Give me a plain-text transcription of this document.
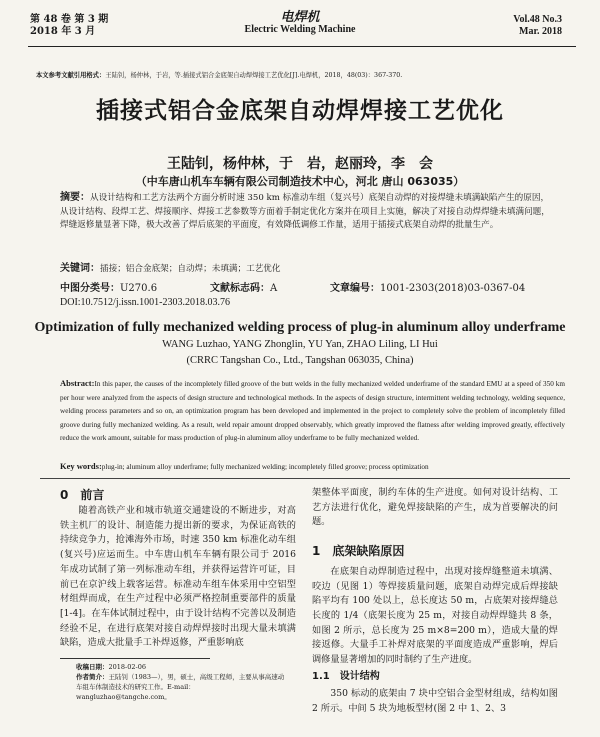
第 48 卷 第 3 期
2018 年 3 月
电焊机
Electric Welding Machine
Vol.48 No.3
Mar. 2018
本文参考文献引用格式：王陆钊，杨仲林，于岩，等.插接式铝合金底架自动焊焊接工艺优化[J].电焊机，2018，48(03)：367-370.
插接式铝合金底架自动焊焊接工艺优化
王陆钊，杨仲林，于　岩，赵丽玲，李　会
（中车唐山机车车辆有限公司制造技术中心，河北 唐山 063035）
摘要：从设计结构和工艺方法两个方面分析时速 350 km 标准动车组（复兴号）底架自动焊的对接焊缝未填满缺陷产生的原因，从设计结构、段焊工艺、焊接顺序、焊接工艺参数等方面着手制定优化方案并在项目上实施，解决了对接自动焊焊缝未填满问题，焊缝返修量显著下降，极大改善了焊后底架的平面度，有效降低调修工作量，适用于插接式底架自动焊的批量生产。
关键词：插接；铝合金底架；自动焊；未填满；工艺优化
中图分类号：U270.6	文献标志码：A	文章编号：1001-2303(2018)03-0367-04
DOI:10.7512/j.issn.1001-2303.2018.03.76
Optimization of fully mechanized welding process of plug-in aluminum alloy underframe
WANG Luzhao, YANG Zhonglin, YU Yan, ZHAO Liling, LI Hui
(CRRC Tangshan Co., Ltd., Tangshan 063035, China)
Abstract:In this paper, the causes of the incompletely filled groove of the butt welds in the fully mechanized welded underframe of the standard EMU at a speed of 350 km per hour were analyzed from the aspects of design structure and technological methods. In the aspects of design structure, intermittent welding technology, welding sequence, welding process parameters and so on, an optimization program has been developed and implemented in the project to completely solve the problem of incompletely filled groove during fully mechanized welding. As a result, weld repair amount dropped observably, which greatly improved the flatness after welding improved greatly, effectively reduce the work amount, suitable for mass production of plug-in aluminum alloy underframe to be fully mechanized welded.
Key words:plug-in; aluminum alloy underframe; fully mechanized welding; incompletely filled groove; process optimization
0　前言

随着高铁产业和城市轨道交通建设的不断进步，对高铁主机厂的设计、制造能力提出新的要求，为保证高铁的持续竞争力，抢滩海外市场，时速 350 km 标准化动车组(复兴号)应运而生。中车唐山机车车辆有限公司于 2016 年成功试制了第一列标准动车组，并获得运营许可证，目前已在京沪线上载客运营。标准动车组车体采用中空铝型材组焊而成，在生产过程中必须严格控制重要部件的质量[1-4]。在车体试制过程中，由于设计结构不完善以及制造经验不足，在进行底架对接自动焊焊接时出现大量未填满缺陷，造成大批量手工补焊返修，严重影响底

收稿日期：2018-02-06
作者简介：王陆钊（1983—），男，硕士，高级工程师，主要从事高速动车组车体制造技术的研究工作。E-mail：wangluzhao@tangche.com。
架整体平面度，制约车体的生产进度。如何对设计结构、工艺方法进行优化，避免焊接缺陷的产生，成为首要解决的问题。
1　底架缺陷原因

在底架自动焊制造过程中，出现对接焊缝整道未填满、咬边（见图 1）等焊接质量问题，底架自动焊完成后焊接缺陷平均有 100 处以上，总长度达 50 m，占底架对接焊缝总长度的 1/4（底架长度为 25 m，对接自动焊焊缝共 8 条，如图 2 所示，总长度为 25 m×8=200 m），造成大量的焊接返修。大量手工补焊对底架的平面度造成严重影响，焊后调修量显著增加的同时制约了生产进度。

1.1　设计结构

350 标动的底架由 7 块中空铝合金型材组成，结构如图 2 所示。中间 5 块为地板型材(图 2 中 1、2、3
